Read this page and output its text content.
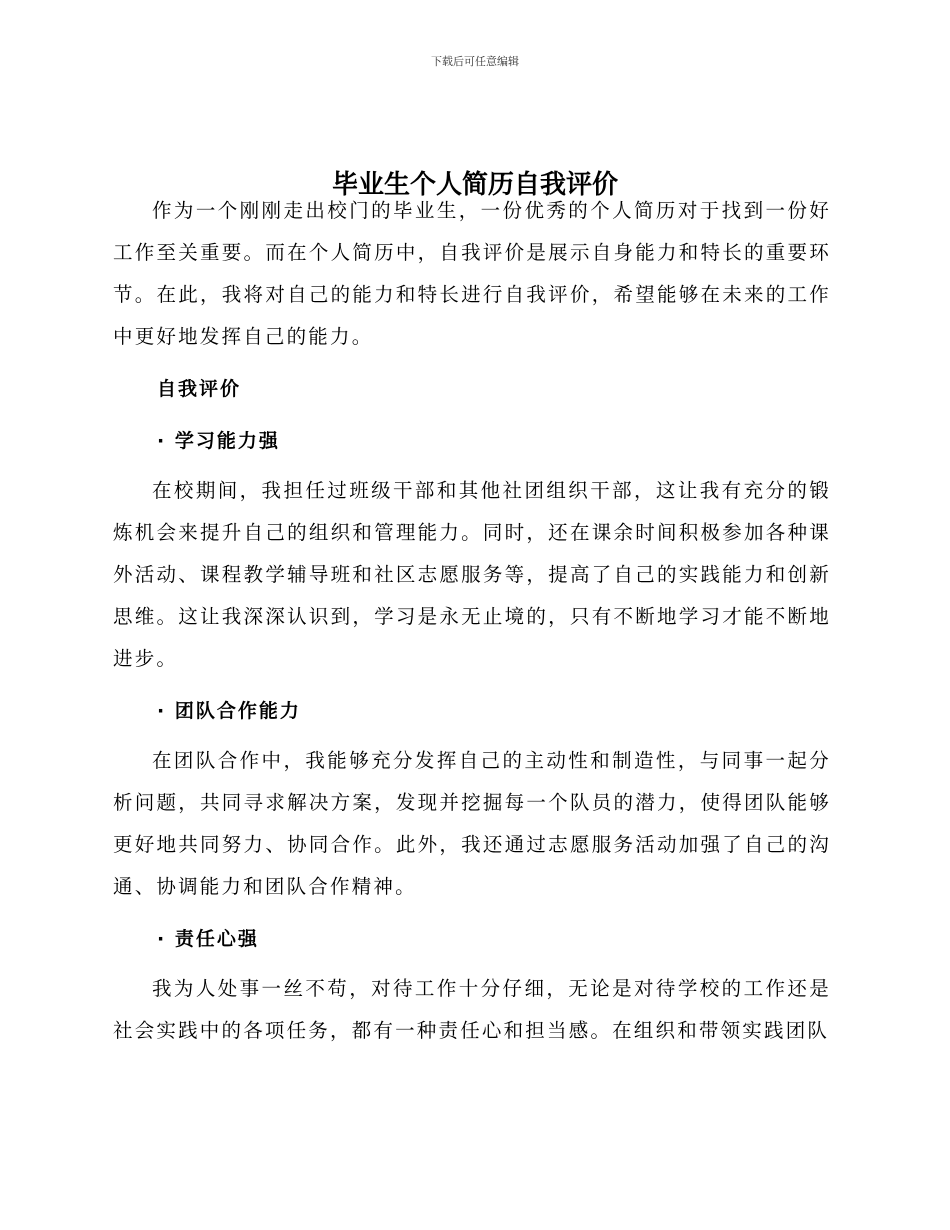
下载后可任意编辑
毕业生个人简历自我评价

作为一个刚刚走出校门的毕业生，一份优秀的个人简历对于找到一份好工作至关重要。而在个人简历中，自我评价是展示自身能力和特长的重要环节。在此，我将对自己的能力和特长进行自我评价，希望能够在未来的工作中更好地发挥自己的能力。

自我评价

· 学习能力强

在校期间，我担任过班级干部和其他社团组织干部，这让我有充分的锻炼机会来提升自己的组织和管理能力。同时，还在课余时间积极参加各种课外活动、课程教学辅导班和社区志愿服务等，提高了自己的实践能力和创新思维。这让我深深认识到，学习是永无止境的，只有不断地学习才能不断地进步。

· 团队合作能力

在团队合作中，我能够充分发挥自己的主动性和制造性，与同事一起分析问题，共同寻求解决方案，发现并挖掘每一个队员的潜力，使得团队能够更好地共同努力、协同合作。此外，我还通过志愿服务活动加强了自己的沟通、协调能力和团队合作精神。

· 责任心强

我为人处事一丝不苟，对待工作十分仔细，无论是对待学校的工作还是社会实践中的各项任务，都有一种责任心和担当感。在组织和带领实践团队
